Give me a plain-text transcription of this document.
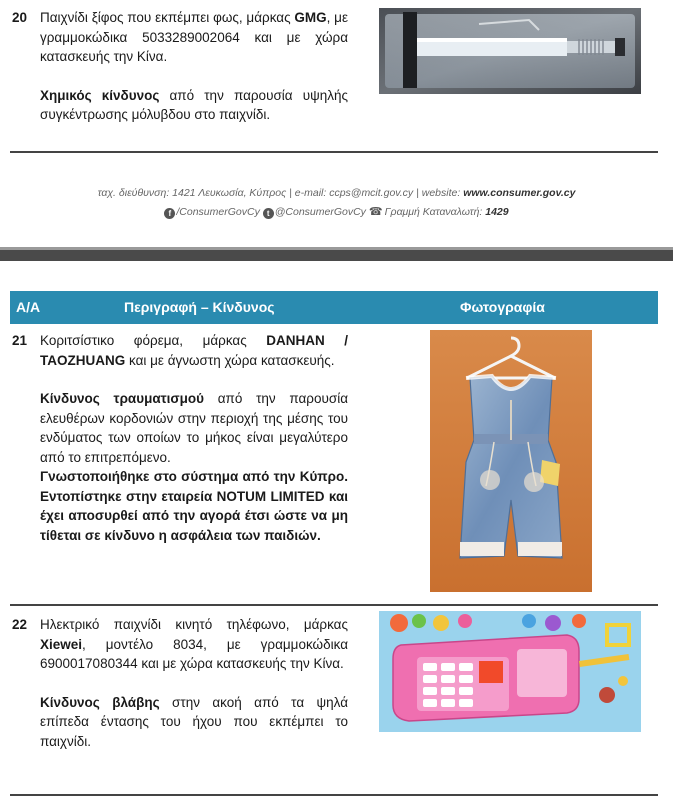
20 Παιχνίδι ξίφος που εκπέμπει φως, μάρκας GMG, με γραμμοκώδικα 5033289002064 και με χώρα κατασκευής την Κίνα.

Χημικός κίνδυνος από την παρουσία υψηλής συγκέντρωσης μόλυβδου στο παιχνίδι.

ταχ. διεύθυνση: 1421 Λευκωσία, Κύπρος | e-mail: ccps@mcit.gov.cy | website: www.consumer.gov.cy
f /ConsumerGovCy t @ConsumerGovCy ☎ Γραμμή Καταναλωτή: 1429
Α/Α	Περιγραφή – Κίνδυνος	Φωτογραφία
21 Κοριτσίστικο φόρεμα, μάρκας DANHAN / TAOZHUANG και με άγνωστη χώρα κατασκευής.

Κίνδυνος τραυματισμού από την παρουσία ελευθέρων κορδονιών στην περιοχή της μέσης του ενδύματος των οποίων το μήκος είναι μεγαλύτερο από το επιτρεπόμενο.

Γνωστοποιήθηκε στο σύστημα από την Κύπρο. Εντοπίστηκε στην εταιρεία NOTUM LIMITED και έχει αποσυρθεί από την αγορά έτσι ώστε να μη τίθεται σε κίνδυνο η ασφάλεια των παιδιών.

22 Ηλεκτρικό παιχνίδι κινητό τηλέφωνο, μάρκας Xiewei, μοντέλο 8034, με γραμμοκώδικα 6900017080344 και με χώρα κατασκευής την Κίνα.

Κίνδυνος βλάβης στην ακοή από τα ψηλά επίπεδα έντασης του ήχου που εκπέμπει το παιχνίδι.
